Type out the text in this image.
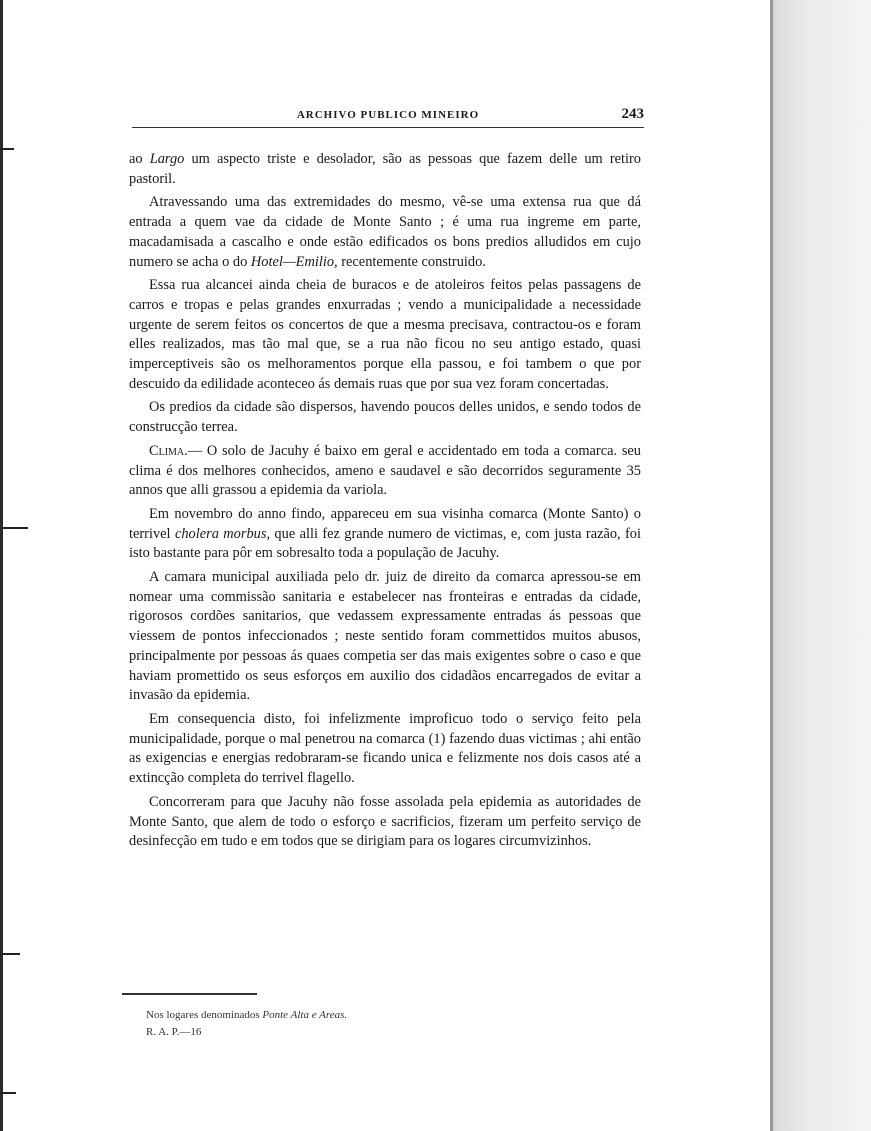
ARCHIVO PUBLICO MINEIRO	243

ao Largo um aspecto triste e desolador, são as pessoas que fazem delle um retiro pastoril.

Atravessando uma das extremidades do mesmo, vê-se uma extensa rua que dá entrada a quem vae da cidade de Monte Santo ; é uma rua ingreme em parte, macadamisada a cascalho e onde estão edificados os bons predios alludidos em cujo numero se acha o do Hotel—Emilio, recentemente construido.

Essa rua alcancei ainda cheia de buracos e de atoleiros feitos pelas passagens de carros e tropas e pelas grandes enxurradas ; vendo a municipalidade a necessidade urgente de serem feitos os concertos de que a mesma precisava, contractou-os e foram elles realizados, mas tão mal que, se a rua não ficou no seu antigo estado, quasi imperceptiveis são os melhoramentos porque ella passou, e foi tambem o que por descuido da edilidade aconteceo ás demais ruas que por sua vez foram concertadas.

Os predios da cidade são dispersos, havendo poucos delles unidos, e sendo todos de construcção terrea.

Clima.— O solo de Jacuhy é baixo em geral e accidentado em toda a comarca. seu clima é dos melhores conhecidos, ameno e saudavel e são decorridos seguramente 35 annos que alli grassou a epidemia da variola.

Em novembro do anno findo, appareceu em sua visinha comarca (Monte Santo) o terrivel cholera morbus, que alli fez grande numero de victimas, e, com justa razão, foi isto bastante para pôr em sobresalto toda a população de Jacuhy.

A camara municipal auxiliada pelo dr. juiz de direito da comarca apressou-se em nomear uma commissão sanitaria e estabelecer nas fronteiras e entradas da cidade, rigorosos cordões sanitarios, que vedassem expressamente entradas ás pessoas que viessem de pontos infeccionados ; neste sentido foram commettidos muitos abusos, principalmente por pessoas ás quaes competia ser das mais exigentes sobre o caso e que haviam promettido os seus esforços em auxilio dos cidadãos encarregados de evitar a invasão da epidemia.

Em consequencia disto, foi infelizmente improficuo todo o serviço feito pela municipalidade, porque o mal penetrou na comarca (1) fazendo duas victimas ; ahi então as exigencias e energias redobraram-se ficando unica e felizmente nos dois casos até a extincção completa do terrivel flagello.

Concorreram para que Jacuhy não fosse assolada pela epidemia as autoridades de Monte Santo, que alem de todo o esforço e sacrificios, fizeram um perfeito serviço de desinfecção em tudo e em todos que se dirigiam para os logares circumvizinhos.

Nos logares denominados Ponte Alta e Areas.
R. A. P.—16
